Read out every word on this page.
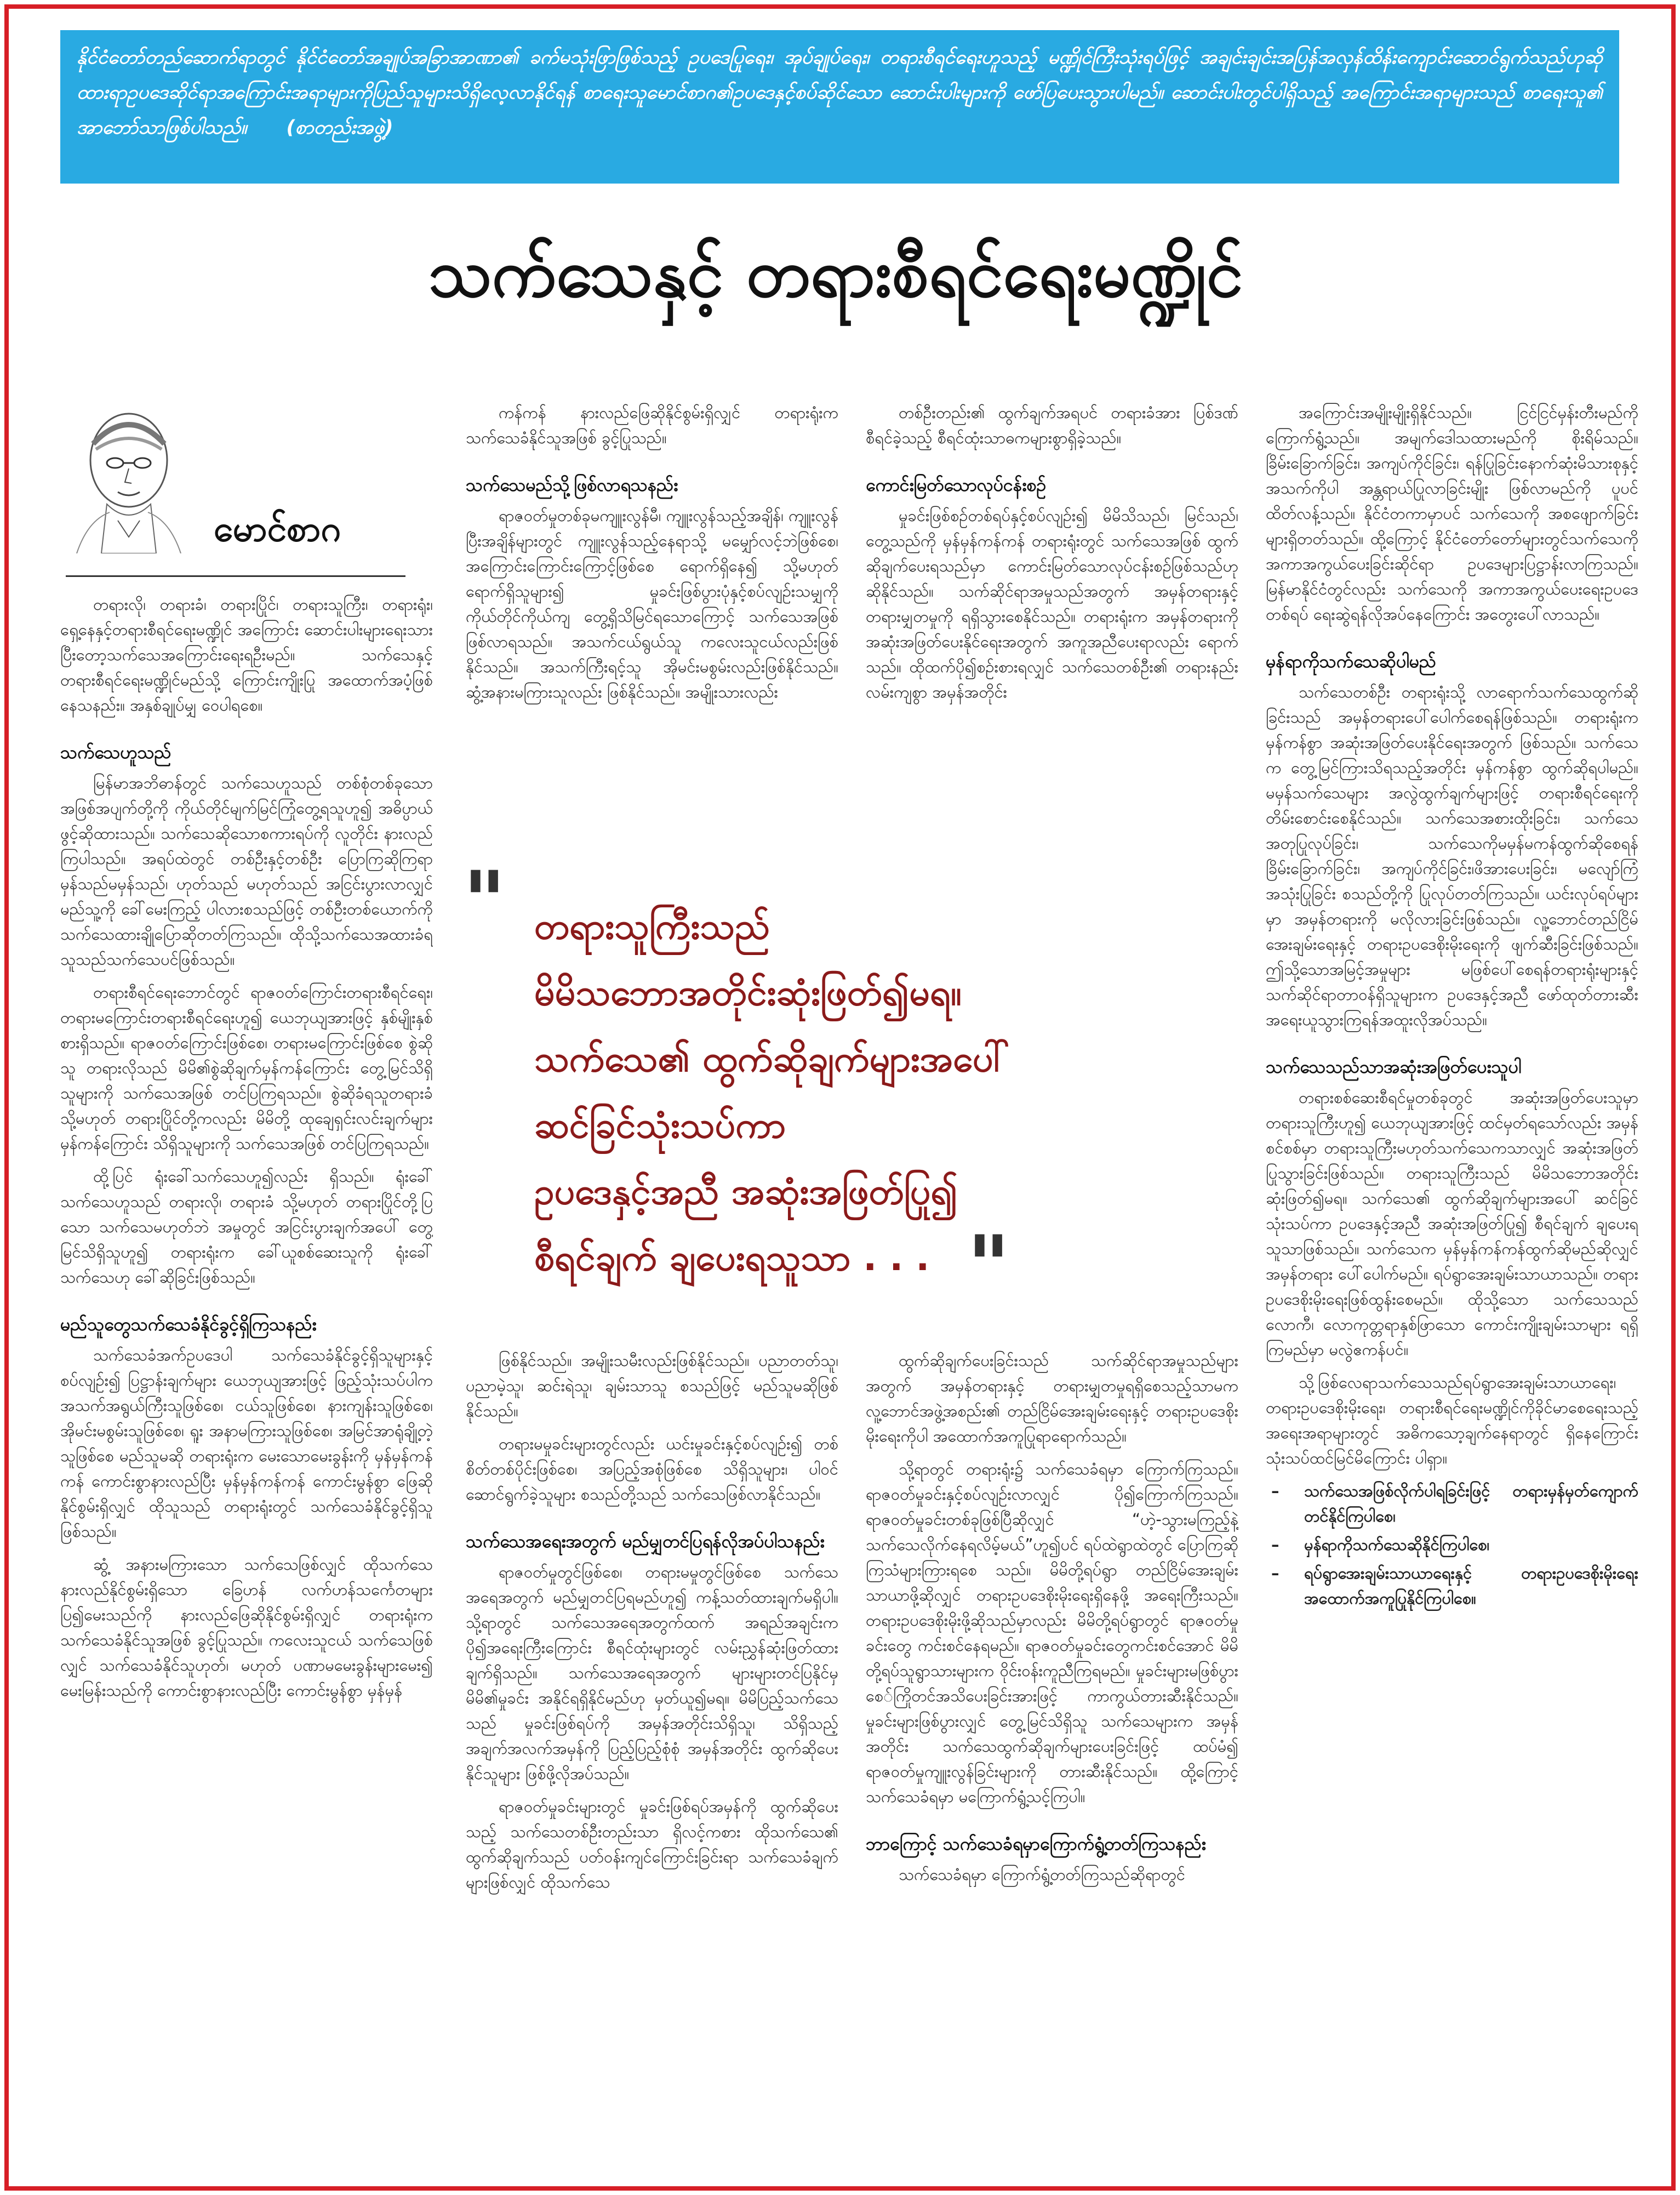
နိုင်ငံတော်တည်ဆောက်ရာတွင် နိုင်ငံတော်အချုပ်အခြာအာဏာ၏ ခက်မသုံးဖြာဖြစ်သည့် ဥပဒေပြုရေး၊ အုပ်ချုပ်ရေး၊ တရားစီရင်ရေးဟူသည့် မဏ္ဍိုင်ကြီးသုံးရပ်ဖြင့် အချင်းချင်းအပြန်အလှန်ထိန်းကျောင်းဆောင်ရွက်သည်ဟုဆိုထားရာဥပဒေဆိုင်ရာအကြောင်းအရာများကိုပြည်သူများသိရှိလေ့လာနိုင်ရန် စာရေးသူမောင်စာဂ၏ဥပဒေနှင့်စပ်ဆိုင်သော ဆောင်းပါးများကို ဖော်ပြပေးသွားပါမည်။ ဆောင်းပါးတွင်ပါရှိသည့် အကြောင်းအရာများသည် စာရေးသူ၏ အာဘော်သာဖြစ်ပါသည်။ (စာတည်းအဖွဲ့)
သက်သေနှင့် တရားစီရင်ရေးမဏ္ဍိုင်
မောင်စာဂ

တရားလို၊ တရားခံ၊ တရားပြိုင်၊ တရားသူကြီး၊ တရားရုံး၊ ရှေ့နေနှင့်တရားစီရင်ရေးမဏ္ဍိုင် အကြောင်း ဆောင်းပါးများရေးသားပြီးတော့သက်သေအကြောင်းရေးရဦးမည်။ သက်သေနှင့် တရားစီရင်ရေးမဏ္ဍိုင်မည်သို့ ကြောင်းကျိုးပြု အထောက်အပံ့ဖြစ်နေသနည်း။ အနှစ်ချုပ်မျှ ဝေပါရစေ။

သက်သေဟူသည်

မြန်မာအဘိဓာန်တွင် သက်သေဟူသည် တစ်စုံတစ်ခုသောအဖြစ်အပျက်တို့ကို ကိုယ်တိုင်မျက်မြင်ကြုံတွေ့ရသူဟူ၍ အဓိပ္ပာယ်ဖွင့်ဆိုထားသည်။ သက်သေဆိုသောစကားရပ်ကို လူတိုင်း နားလည်ကြပါသည်။ အရပ်ထဲတွင် တစ်ဦးနှင့်တစ်ဦး ပြောကြဆိုကြရာ မှန်သည်မမှန်သည်၊ ဟုတ်သည် မဟုတ်သည် အငြင်းပွားလာလျှင် မည်သူ့ကို ခေါ်မေးကြည့် ပါလားစသည်ဖြင့် တစ်ဦးတစ်ယောက်ကိုသက်သေထားချိုပြောဆိုတတ်ကြသည်။ ထိုသို့သက်သေအထားခံရသူသည်သက်သေပင်ဖြစ်သည်။

တရားစီရင်ရေးဘောင်တွင် ရာဇဝတ်ကြောင်းတရားစီရင်ရေး၊ တရားမကြောင်းတရားစီရင်ရေးဟူ၍ ယေဘုယျအားဖြင့် နှစ်မျိုးနှစ်စားရှိသည်။ ရာဇဝတ်ကြောင်းဖြစ်စေ၊ တရားမကြောင်းဖြစ်စေ စွဲဆိုသူ တရားလိုသည် မိမိ၏စွဲဆိုချက်မှန်ကန်ကြောင်း တွေ့မြင်သိရှိသူများကို သက်သေအဖြစ် တင်ပြကြရသည်။ စွဲဆိုခံရသူတရားခံ သို့မဟုတ် တရားပြိုင်တို့ကလည်း မိမိတို့ ထုချေရှင်းလင်းချက်များ မှန်ကန်ကြောင်း သိရှိသူများကို သက်သေအဖြစ် တင်ပြကြရသည်။

ထို့ပြင် ရုံးခေါ်သက်သေဟူ၍လည်း ရှိသည်။ ရုံးခေါ်သက်သေဟူသည် တရားလို၊ တရားခံ သို့မဟုတ် တရားပြိုင်တို့ပြသော သက်သေမဟုတ်ဘဲ အမှုတွင် အငြင်းပွားချက်အပေါ် တွေ့မြင်သိရှိသူဟူ၍ တရားရုံးက ခေါ်ယူစစ်ဆေးသူကို ရုံးခေါ်သက်သေဟု ခေါ်ဆိုခြင်းဖြစ်သည်။

မည်သူတွေသက်သေခံနိုင်ခွင့်ရှိကြသနည်း

သက်သေခံအက်ဥပဒေပါ သက်သေခံနိုင်ခွင့်ရှိသူများနှင့်စပ်လျဉ်း၍ ပြဋ္ဌာန်းချက်များ ယေဘုယျအားဖြင့် ဖြည့်သုံးသပ်ပါက အသက်အရွယ်ကြီးသူဖြစ်စေ၊ ငယ်သူဖြစ်စေ၊ နားကျန်းသူဖြစ်စေ၊ အိုမင်းမစွမ်းသူဖြစ်စေ၊ ရူး အနာမကြားသူဖြစ်စေ၊ အမြင်အာရုံချို့တဲ့သူဖြစ်စေ မည်သူမဆို တရားရုံးက မေးသောမေးခွန်းကို မှန်မှန်ကန်ကန် ကောင်းစွာနားလည်ပြီး မှန်မှန်ကန်ကန် ကောင်းမွန်စွာ ဖြေဆိုနိုင်စွမ်းရှိလျှင် ထိုသူသည် တရားရုံးတွင် သက်သေခံနိုင်ခွင့်ရှိသူဖြစ်သည်။

ဆွံ့ အနားမကြားသော သက်သေဖြစ်လျှင် ထိုသက်သေ နားလည်နိုင်စွမ်းရှိသော ခြေဟန် လက်ဟန်သင်္ကေတများပြ၍မေးသည်ကို နားလည်ဖြေဆိုနိုင်စွမ်းရှိလျှင် တရားရုံးက သက်သေခံနိုင်သူအဖြစ် ခွင့်ပြုသည်။ ကလေးသူငယ် သက်သေဖြစ်လျှင် သက်သေခံနိုင်သူဟုတ်၊ မဟုတ် ပဏာမမေးခွန်းများမေး၍ မေးမြန်းသည်ကို ကောင်းစွာနားလည်ပြီး ကောင်းမွန်စွာ မှန်မှန်

ကန်ကန် နားလည်ဖြေဆိုနိုင်စွမ်းရှိလျှင် တရားရုံးက သက်သေခံနိုင်သူအဖြစ် ခွင့်ပြုသည်။

သက်သေမည်သို့ဖြစ်လာရသနည်း

ရာဇဝတ်မှုတစ်ခုမကျူးလွန်မီ၊ ကျူးလွန်သည့်အချိန်၊ ကျူးလွန်ပြီးအချိန်များတွင် ကျူးလွန်သည့်နေရာသို့ မမျှော်လင့်ဘဲဖြစ်စေ၊ အကြောင်းကြောင်းကြောင့်ဖြစ်စေ ရောက်ရှိနေ၍ သို့မဟုတ် ရောက်ရှိသူများ၍ မှုခင်းဖြစ်ပွားပုံနှင့်စပ်လျဉ်းသမျှကို ကိုယ်တိုင်ကိုယ်ကျ တွေ့ရှိသိမြင်ရသောကြောင့် သက်သေအဖြစ် ဖြစ်လာရသည်။ အသက်ငယ်ရွယ်သူ ကလေးသူငယ်လည်းဖြစ်နိုင်သည်။ အသက်ကြီးရင့်သူ အိုမင်းမစွမ်းလည်းဖြစ်နိုင်သည်။ ဆွံ့အနားမကြားသူလည်း ဖြစ်နိုင်သည်။ အမျိုးသားလည်း

ဖြစ်နိုင်သည်။ အမျိုးသမီးလည်းဖြစ်နိုင်သည်။ ပညာတတ်သူ၊ ပညာမဲ့သူ၊ ဆင်းရဲသူ၊ ချမ်းသာသူ စသည်ဖြင့် မည်သူမဆိုဖြစ်နိုင်သည်။

တရားမမှုခင်းများတွင်လည်း ယင်းမှုခင်းနှင့်စပ်လျဉ်း၍ တစ်စိတ်တစ်ပိုင်းဖြစ်စေ၊ အပြည့်အစုံဖြစ်စေ သိရှိသူများ၊ ပါဝင်ဆောင်ရွက်ခဲ့သူများ စသည်တို့သည် သက်သေဖြစ်လာနိုင်သည်။

သက်သေအရေးအတွက် မည်မျှတင်ပြရန်လိုအပ်ပါသနည်း

ရာဇဝတ်မှုတွင်ဖြစ်စေ၊ တရားမမှုတွင်ဖြစ်စေ သက်သေအရေအတွက် မည်မျှတင်ပြရမည်ဟူ၍ ကန့်သတ်ထားချက်မရှိပါ။ သို့ရာတွင် သက်သေအရေအတွက်ထက် အရည်အချင်းက ပို၍အရေးကြီးကြောင်း စီရင်ထုံးများတွင် လမ်းညွှန်ဆုံးဖြတ်ထားချက်ရှိသည်။ သက်သေအရေအတွက် များများတင်ပြနိုင်မှ မိမိ၏မှုခင်း အနိုင်ရရှိနိုင်မည်ဟု မှတ်ယူ၍မရ။ မိမိပြည့်သက်သေ သည် မှုခင်းဖြစ်ရပ်ကို အမှန်အတိုင်းသိရှိသူ၊ သိရှိသည့်အချက်အလက်အမှန်ကို ပြည့်ပြည့်စုံစုံ အမှန်အတိုင်း ထွက်ဆိုပေးနိုင်သူများ ဖြစ်ဖို့လိုအပ်သည်။

ရာဇဝတ်မှုခင်းများတွင် မှုခင်းဖြစ်ရပ်အမှန်ကို ထွက်ဆိုပေးသည့် သက်သေတစ်ဦးတည်းသာ ရှိလင့်ကစား ထိုသက်သေ၏ ထွက်ဆိုချက်သည် ပတ်ဝန်းကျင်ကြောင်းခြင်းရာ သက်သေခံချက်များဖြစ်လျှင် ထိုသက်သေ

တစ်ဦးတည်း၏ ထွက်ချက်အရပင် တရားခံအား ပြစ်ဒဏ်စီရင်ခဲ့သည့် စီရင်ထုံးသာဓကများစွာရှိခဲ့သည်။

ကောင်းမြတ်သောလုပ်ငန်းစဉ်

မှုခင်းဖြစ်စဉ်တစ်ရပ်နှင့်စပ်လျဉ်း၍ မိမိသိသည်၊ မြင်သည်၊ တွေ့သည်ကို မှန်မှန်ကန်ကန် တရားရုံးတွင် သက်သေအဖြစ် ထွက်ဆိုချက်ပေးရသည်မှာ ကောင်းမြတ်သောလုပ်ငန်းစဉ်ဖြစ်သည်ဟု ဆိုနိုင်သည်။ သက်ဆိုင်ရာအမှုသည်အတွက် အမှန်တရားနှင့် တရားမျှတမှုကို ရရှိသွားစေနိုင်သည်။ တရားရုံးက အမှန်တရားကို အဆုံးအဖြတ်ပေးနိုင်ရေးအတွက် အကူအညီပေးရာလည်း ရောက်သည်။ ထိုထက်ပို၍စဉ်းစားရလျှင် သက်သေတစ်ဦး၏ တရားနည်းလမ်းကျစွာ အမှန်အတိုင်း

ထွက်ဆိုချက်ပေးခြင်းသည် သက်ဆိုင်ရာအမှုသည်များအတွက် အမှန်တရားနှင့် တရားမျှတမှုရရှိစေသည့်သာမက လူ့ဘောင်အဖွဲ့အစည်း၏ တည်ငြိမ်အေးချမ်းရေးနှင့် တရားဥပဒေစိုးမိုးရေးကိုပါ အထောက်အကူပြုရာရောက်သည်။

သို့ရာတွင် တရားရုံး၌ သက်သေခံရမှာ ကြောက်ကြသည်။ ရာဇဝတ်မှုခင်းနှင့်စပ်လျဉ်းလာလျှင် ပို၍ကြောက်ကြသည်။ ရာဇဝတ်မှုခင်းတစ်ခုဖြစ်ပြီဆိုလျှင် “ဟဲ့-သွားမကြည့်နဲ့ သက်သေလိုက်နေရလိမ့်မယ်”ဟူ၍ပင် ရပ်ထဲရွာထဲတွင် ပြောကြဆိုကြသံများကြားရစေ သည်။ မိမိတို့ရပ်ရွာ တည်ငြိမ်အေးချမ်းသာယာဖို့ဆိုလျှင် တရားဥပဒေစိုးမိုးရေးရှိနေဖို့ အရေးကြီးသည်။ တရားဥပဒေစိုးမိုးဖို့ဆိုသည်မှာလည်း မိမိတို့ရပ်ရွာတွင် ရာဇဝတ်မှုခင်းတွေ ကင်းစင်နေရမည်။ ရာဇဝတ်မှုခင်းတွေကင်းစင်အောင် မိမိတို့ရပ်သူရွာသားများက ဝိုင်းဝန်းကူညီကြရမည်။ မှုခင်းများမဖြစ်ပွားစေ်ကြိုတင်အသိပေးခြင်းအားဖြင့် ကာကွယ်တားဆီးနိုင်သည်။ မှုခင်းများဖြစ်ပွားလျှင် တွေ့မြင်သိရှိသူ သက်သေများက အမှန်အတိုင်း သက်သေထွက်ဆိုချက်များပေးခြင်းဖြင့် ထပ်မံ၍ ရာဇဝတ်မှုကျူးလွန်ခြင်းများကို တားဆီးနိုင်သည်။ ထို့ကြောင့် သက်သေခံရမှာ မကြောက်ရွံ့သင့်ကြပါ။

ဘာကြောင့် သက်သေခံရမှာကြောက်ရွံ့တတ်ကြသနည်း

သက်သေခံရမှာ ကြောက်ရွံ့တတ်ကြသည်ဆိုရာတွင်

အကြောင်းအမျိုးမျိုးရှိနိုင်သည်။ ငြင်ငြင်မှန်းတီးမည်ကိုကြောက်ရွံ့သည်။ အမျက်ဒေါသထားမည်ကို စိုးရိမ်သည်။ ခြိမ်းခြောက်ခြင်း၊ အကျပ်ကိုင်ခြင်း၊ ရန်ပြုခြင်းနောက်ဆုံးမိသားစုနှင့်အသက်ကိုပါ အန္တရာယ်ပြုလာခြင်းမျိုး ဖြစ်လာမည်ကို ပူပင်ထိတ်လန့်သည်။ နိုင်ငံတကာမှာပင် သက်သေကို အစဖျောက်ခြင်းများရှိတတ်သည်။ ထို့ကြောင့် နိုင်ငံတော်တော်များတွင်သက်သေကိုအကာအကွယ်ပေးခြင်းဆိုင်ရာ ဥပဒေများပြဋ္ဌာန်းလာကြသည်။ မြန်မာနိုင်ငံတွင်လည်း သက်သေကို အကာအကွယ်ပေးရေးဥပဒေတစ်ရပ် ရေးဆွဲရန်လိုအပ်နေကြောင်း အတွေးပေါ်လာသည်။

မှန်ရာကိုသက်သေဆိုပါမည်

သက်သေတစ်ဦး တရားရုံးသို့ လာရောက်သက်သေထွက်ဆိုခြင်းသည် အမှန်တရားပေါ်ပေါက်စေရန်ဖြစ်သည်။ တရားရုံးက မှန်ကန်စွာ အဆုံးအဖြတ်ပေးနိုင်ရေးအတွက် ဖြစ်သည်။ သက်သေက တွေ့မြင်ကြားသိရသည့်အတိုင်း မှန်ကန်စွာ ထွက်ဆိုရပါမည်။ မမှန်သက်သေများ အလွဲထွက်ချက်များဖြင့် တရားစီရင်ရေးကို တိမ်းစောင်းစေနိုင်သည်။ သက်သေအစားထိုးခြင်း၊ သက်သေအတုပြုလုပ်ခြင်း၊ သက်သေကိုမမှန်မကန်ထွက်ဆိုစေရန် ခြိမ်းခြောက်ခြင်း၊ အကျပ်ကိုင်ခြင်း၊ဖိအားပေးခြင်း၊ မလျော်ကြံအသုံးပြုခြင်း စသည်တို့ကို ပြုလုပ်တတ်ကြသည်။ ယင်းလုပ်ရပ်များမှာ အမှန်တရားကို မလိုလားခြင်းဖြစ်သည်။ လူ့ဘောင်တည်ငြိမ်အေးချမ်းရေးနှင့် တရားဥပဒေစိုးမိုးရေးကို ဖျက်ဆီးခြင်းဖြစ်သည်။ ဤသို့သောအမြင့်အမှုများ မဖြစ်ပေါ်စေရန်တရားရုံးများနှင့်သက်ဆိုင်ရာတာဝန်ရှိသူများက ဥပဒေနှင့်အညီ ဖော်ထုတ်တားဆီး အရေးယူသွားကြရန်အထူးလိုအပ်သည်။

သက်သေသည်သာအဆုံးအဖြတ်ပေးသူပါ

တရားစစ်ဆေးစီရင်မှုတစ်ခုတွင် အဆုံးအဖြတ်ပေးသူမှာ တရားသူကြီးဟူ၍ ယေဘုယျအားဖြင့် ထင်မှတ်ရသော်လည်း အမှန်စင်စစ်မှာ တရားသူကြီးမဟုတ်သက်သေကသာလျှင် အဆုံးအဖြတ်ပြုသွားခြင်းဖြစ်သည်။ တရားသူကြီးသည် မိမိသဘောအတိုင်း ဆုံးဖြတ်၍မရ။ သက်သေ၏ ထွက်ဆိုချက်များအပေါ် ဆင်ခြင်သုံးသပ်ကာ ဥပဒေနှင့်အညီ အဆုံးအဖြတ်ပြု၍ စီရင်ချက် ချပေးရသူသာဖြစ်သည်။ သက်သေက မှန်မှန်ကန်ကန်ထွက်ဆိုမည်ဆိုလျှင် အမှန်တရား ပေါ်ပေါက်မည်။ ရပ်ရွာအေးချမ်းသာယာသည်။ တရားဥပဒေစိုးမိုးရေးဖြစ်ထွန်းစေမည်။ ထိုသို့သော သက်သေသည်လောကီ၊ လောကုတ္တရာနှစ်ဖြာသော ကောင်းကျိုးချမ်းသာများ ရရှိကြမည်မှာ မလွဲဧကန်ပင်။

သို့ဖြစ်လေရာသက်သေသည်ရပ်ရွာအေးချမ်းသာယာရေး၊ တရားဥပဒေစိုးမိုးရေး၊ တရားစီရင်ရေးမဏ္ဍိုင်ကိုခိုင်မာစေရေးသည့်အရေးအရာများတွင် အဓိကသော့ချက်နေရာတွင် ရှိနေကြောင်း သုံးသပ်ထင်မြင်မိကြောင်း ပါရှာ။

– သက်သေအဖြစ်လိုက်ပါရခြင်းဖြင့် တရားမှန်မှတ်ကျောက်တင်နိုင်ကြပါစေ၊
– မှန်ရာကိုသက်သေဆိုနိုင်ကြပါစေ၊
– ရပ်ရွာအေးချမ်းသာယာရေးနှင့် တရားဥပဒေစိုးမိုးရေး အထောက်အကူပြုနိုင်ကြပါစေ။
" တရားသူကြီးသည်
မိမိသဘောအတိုင်းဆုံးဖြတ်၍မရ။
သက်သေ၏ ထွက်ဆိုချက်များအပေါ်
ဆင်ခြင်သုံးသပ်ကာ
ဥပဒေနှင့်အညီ အဆုံးအဖြတ်ပြု၍
စီရင်ချက် ချပေးရသူသာ . . . "
